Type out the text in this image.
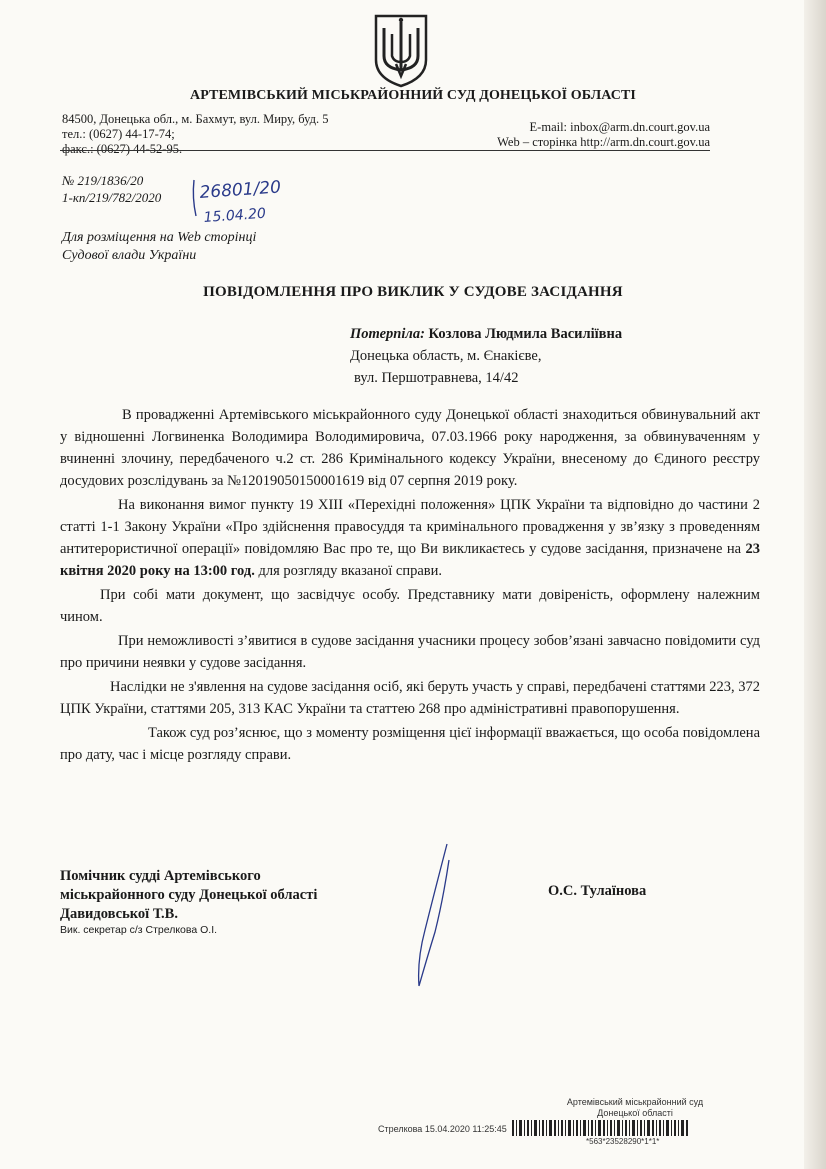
АРТЕМІВСЬКИЙ МІСЬКРАЙОННИЙ СУД ДОНЕЦЬКОЇ ОБЛАСТІ
84500, Донецька обл., м. Бахмут, вул. Миру, буд. 5
тел.: (0627) 44-17-74;
факс.: (0627) 44-52-95.
E-mail: inbox@arm.dn.court.gov.ua
Web – сторінка http://arm.dn.court.gov.ua
№ 219/1836/20
1-кп/219/782/2020 26801/20
15.04.20
Для розміщення на Web сторінці
Судової влади України
ПОВІДОМЛЕННЯ ПРО ВИКЛИК У СУДОВЕ ЗАСІДАННЯ
Потерпіла: Козлова Людмила Василіївна
Донецька область, м. Єнакієве,
вул. Першотравнева, 14/42

В провадженні Артемівського міськрайонного суду Донецької області знаходиться обвинувальний акт у відношенні Логвиненка Володимира Володимировича, 07.03.1966 року народження, за обвинуваченням у вчиненні злочину, передбаченого ч.2 ст. 286 Кримінального кодексу України, внесеному до Єдиного реєстру досудових розслідувань за №12019050150001619 від 07 серпня 2019 року.

На виконання вимог пункту 19 XIII «Перехідні положення» ЦПК України та відповідно до частини 2 статті 1-1 Закону України «Про здійснення правосуддя та кримінального провадження у зв’язку з проведенням антитерористичної операції» повідомляю Вас про те, що Ви викликаєтесь у судове засідання, призначене на 23 квітня 2020 року на 13:00 год. для розгляду вказаної справи.

При собі мати документ, що засвідчує особу. Представнику мати довіреність, оформлену належним чином.

При неможливості з’явитися в судове засідання учасники процесу зобов’язані завчасно повідомити суд про причини неявки у судове засідання.

Наслідки не з'явлення на судове засідання осіб, які беруть участь у справі, передбачені статтями 223, 372 ЦПК України, статтями 205, 313 КАС України та статтею 268 про адміністративні правопорушення.

Також суд роз’яснює, що з моменту розміщення цієї інформації вважається, що особа повідомлена про дату, час і місце розгляду справи.

Помічник судді Артемівського
міськрайонного суду Донецької області
Давидовської Т.В.
Вик. секретар с/з Стрелкова О.І.
О.С. Тулаїнова
Артемівський міськрайонний суд
Донецької області
Стрелкова 15.04.2020 11:25:45
*563*23528290*1*1*
